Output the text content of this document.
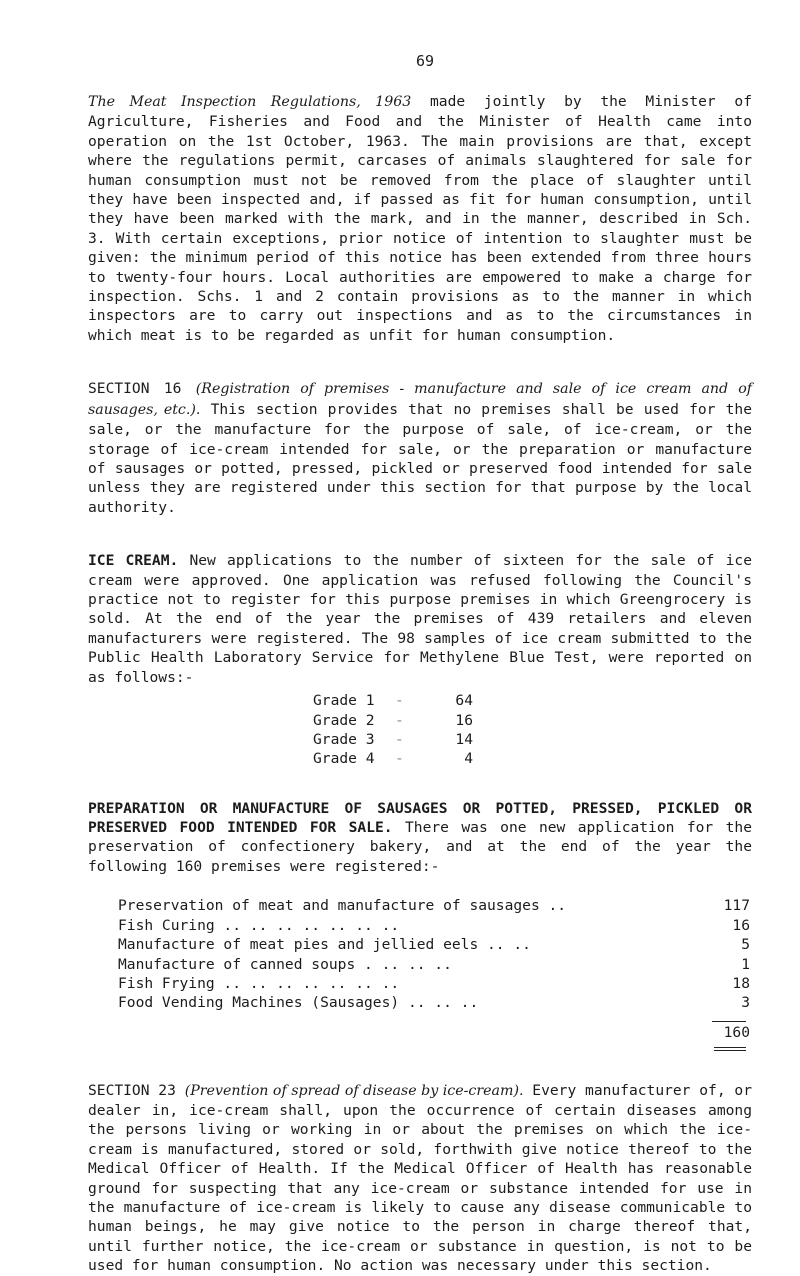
69

The Meat Inspection Regulations, 1963 made jointly by the Minister of Agriculture, Fisheries and Food and the Minister of Health came into operation on the 1st October, 1963. The main provisions are that, except where the regulations permit, carcases of animals slaughtered for sale for human consumption must not be removed from the place of slaughter until they have been inspected and, if passed as fit for human consumption, until they have been marked with the mark, and in the manner, described in Sch. 3. With certain exceptions, prior notice of intention to slaughter must be given: the minimum period of this notice has been extended from three hours to twenty-four hours. Local authorities are empowered to make a charge for inspection. Schs. 1 and 2 contain provisions as to the manner in which inspectors are to carry out inspections and as to the circumstances in which meat is to be regarded as unfit for human consumption.

SECTION 16 (Registration of premises - manufacture and sale of ice cream and of sausages, etc.). This section provides that no premises shall be used for the sale, or the manufacture for the purpose of sale, of ice-cream, or the storage of ice-cream intended for sale, or the preparation or manufacture of sausages or potted, pressed, pickled or preserved food intended for sale unless they are registered under this section for that purpose by the local authority.

ICE CREAM. New applications to the number of sixteen for the sale of ice cream were approved. One application was refused following the Council's practice not to register for this purpose premises in which Greengrocery is sold. At the end of the year the premises of 439 retailers and eleven manufacturers were registered. The 98 samples of ice cream submitted to the Public Health Laboratory Service for Methylene Blue Test, were reported on as follows:-

Grade 1	-	64
Grade 2	-	16
Grade 3	-	14
Grade 4	-	4

PREPARATION OR MANUFACTURE OF SAUSAGES OR POTTED, PRESSED, PICKLED OR PRESERVED FOOD INTENDED FOR SALE. There was one new application for the preservation of confectionery bakery, and at the end of the year the following 160 premises were registered:-

Preservation of meat and manufacture of sausages ..	117
Fish Curing .. .. .. .. .. .. ..	16
Manufacture of meat pies and jellied eels .. ..	5
Manufacture of canned soups . .. .. ..	1
Fish Frying .. .. .. .. .. .. ..	18
Food Vending Machines (Sausages) .. .. ..	3
160

SECTION 23 (Prevention of spread of disease by ice-cream). Every manufacturer of, or dealer in, ice-cream shall, upon the occurrence of certain diseases among the persons living or working in or about the premises on which the ice-cream is manufactured, stored or sold, forthwith give notice thereof to the Medical Officer of Health. If the Medical Officer of Health has reasonable ground for suspecting that any ice-cream or substance intended for use in the manufacture of ice-cream is likely to cause any disease communicable to human beings, he may give notice to the person in charge thereof that, until further notice, the ice-cream or substance in question, is not to be used for human consumption. No action was necessary under this section.
